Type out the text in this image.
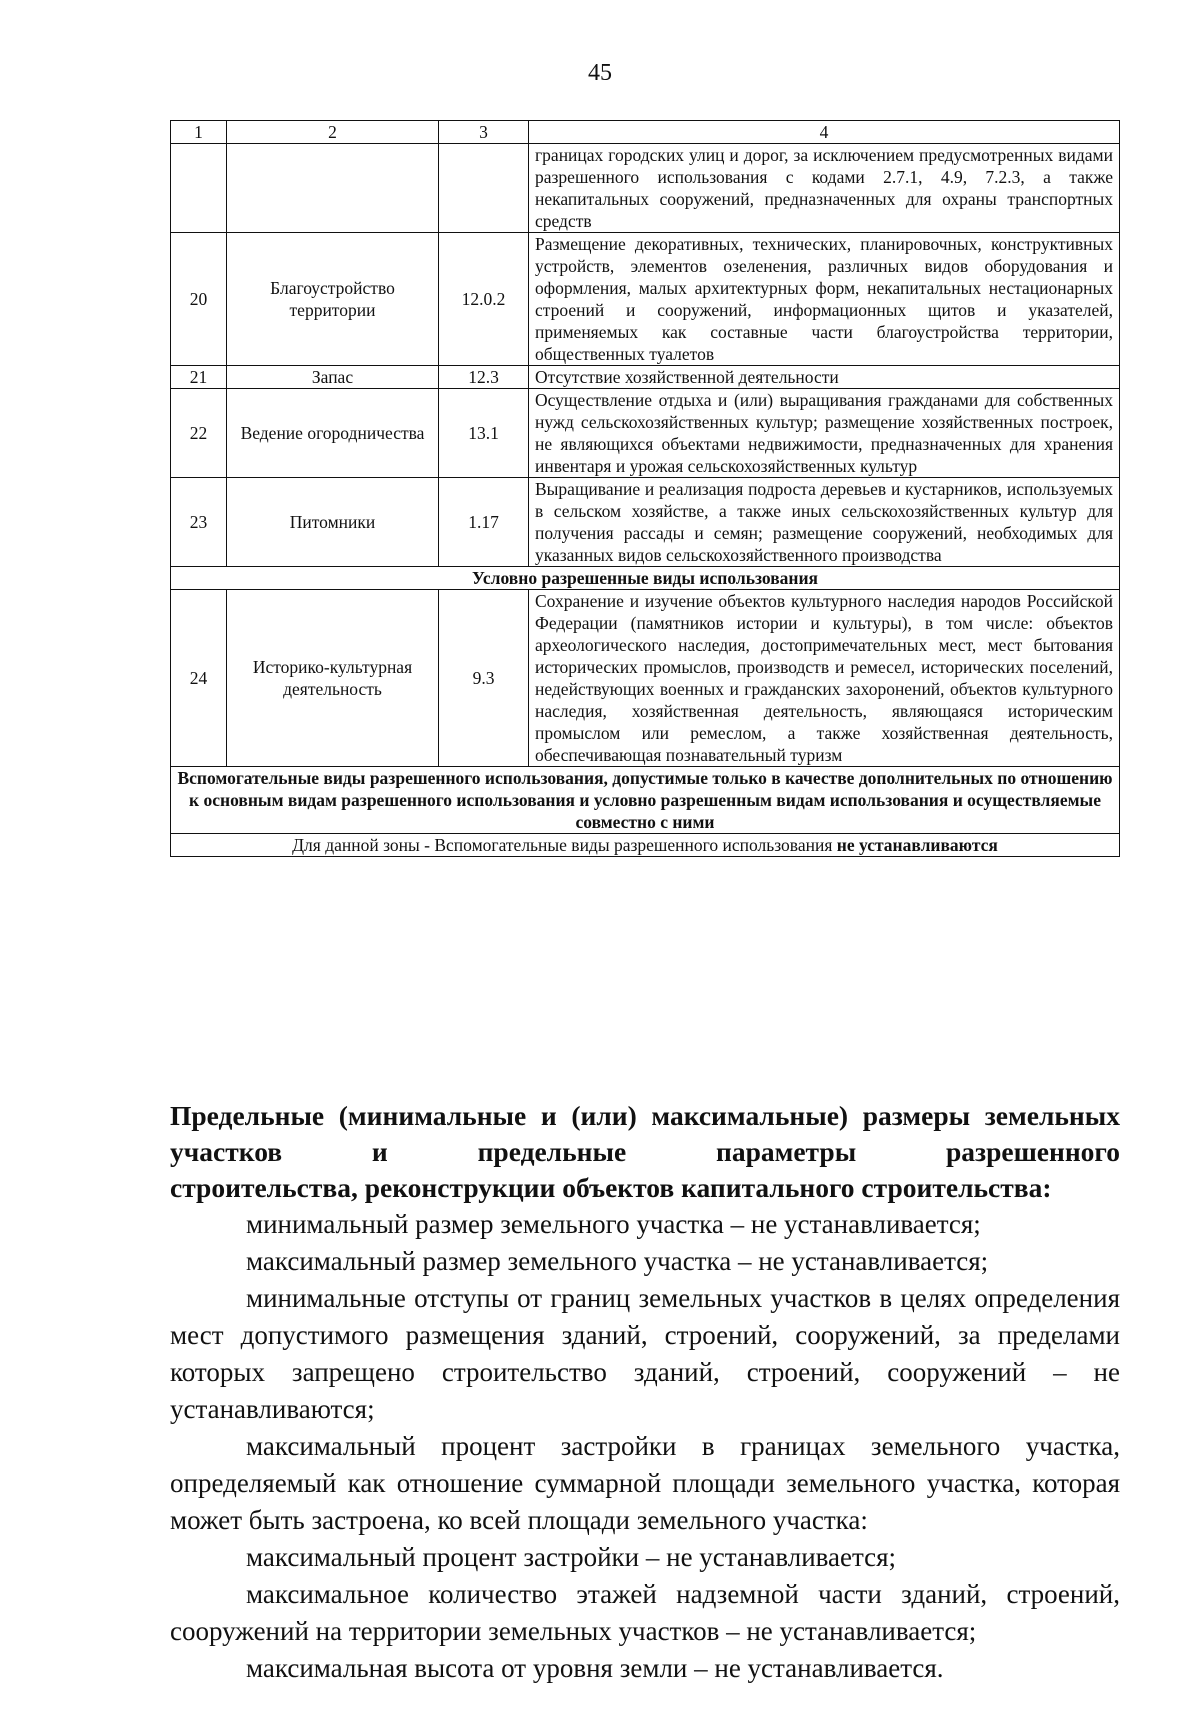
45
1	2	3	4
			границах городских улиц и дорог, за исключением предусмотренных видами разрешенного использования с кодами 2.7.1, 4.9, 7.2.3, а также некапитальных сооружений, предназначенных для охраны транспортных средств
20	Благоустройство территории	12.0.2	Размещение декоративных, технических, планировочных, конструктивных устройств, элементов озеленения, различных видов оборудования и оформления, малых архитектурных форм, некапитальных нестационарных строений и сооружений, информационных щитов и указателей, применяемых как составные части благоустройства территории, общественных туалетов
21	Запас	12.3	Отсутствие хозяйственной деятельности
22	Ведение огородничества	13.1	Осуществление отдыха и (или) выращивания гражданами для собственных нужд сельскохозяйственных культур; размещение хозяйственных построек, не являющихся объектами недвижимости, предназначенных для хранения инвентаря и урожая сельскохозяйственных культур
23	Питомники	1.17	Выращивание и реализация подроста деревьев и кустарников, используемых в сельском хозяйстве, а также иных сельскохозяйственных культур для получения рассады и семян; размещение сооружений, необходимых для указанных видов сельскохозяйственного производства
Условно разрешенные виды использования			
24	Историко-культурная деятельность	9.3	Сохранение и изучение объектов культурного наследия народов Российской Федерации (памятников истории и культуры), в том числе: объектов археологического наследия, достопримечательных мест, мест бытования исторических промыслов, производств и ремесел, исторических поселений, недействующих военных и гражданских захоронений, объектов культурного наследия, хозяйственная деятельность, являющаяся историческим промыслом или ремеслом, а также хозяйственная деятельность, обеспечивающая познавательный туризм
Вспомогательные виды разрешенного использования, допустимые только в качестве дополнительных по отношению к основным видам разрешенного использования и условно разрешенным видам использования и осуществляемые совместно с ними			
Для данной зоны - Вспомогательные виды разрешенного использования не устанавливаются			
Предельные (минимальные и (или) максимальные) размеры земельных участков и предельные параметры разрешенного
строительства, реконструкции объектов капитального строительства:

минимальный размер земельного участка – не устанавливается;

максимальный размер земельного участка – не устанавливается;

минимальные отступы от границ земельных участков в целях определения мест допустимого размещения зданий, строений, сооружений, за пределами которых запрещено строительство зданий, строений, сооружений – не устанавливаются;

максимальный процент застройки в границах земельного участка, определяемый как отношение суммарной площади земельного участка, которая может быть застроена, ко всей площади земельного участка:

максимальный процент застройки – не устанавливается;

максимальное количество этажей надземной части зданий, строений, сооружений на территории земельных участков – не устанавливается;

максимальная высота от уровня земли – не устанавливается.
